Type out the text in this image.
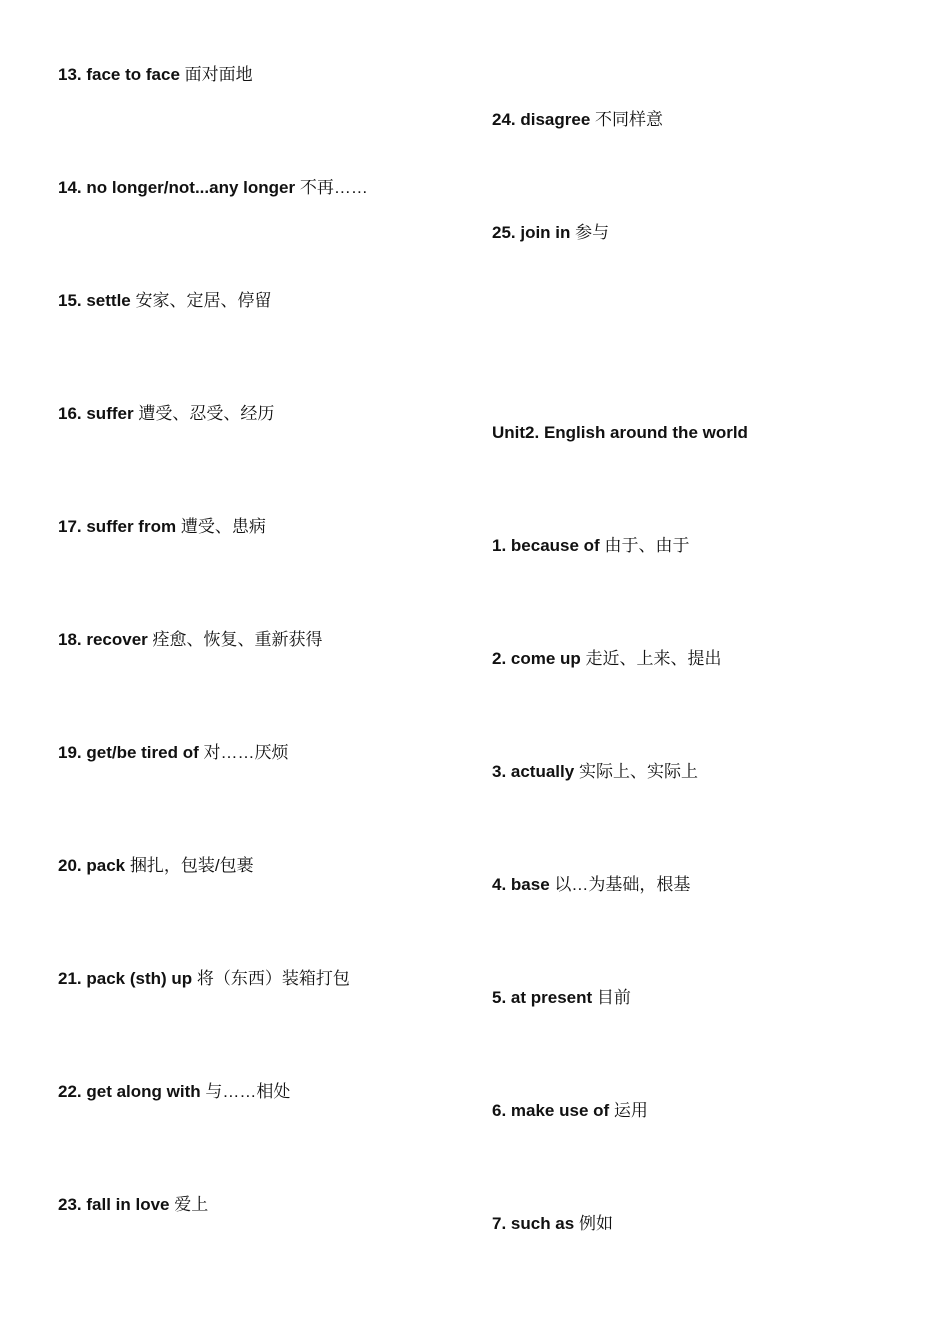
13. face to face 面对面地
14. no longer/not...any longer 不再……
15. settle 安家、定居、停留
16. suffer 遭受、忍受、经历
17. suffer from 遭受、患病
18. recover 痊愈、恢复、重新获得
19. get/be tired of 对……厌烦
20. pack 捆扎，包装/包裹
21. pack (sth) up 将（东西）装箱打包
22. get along with 与……相处
23. fall in love 爱上
24. disagree 不同样意
25. join in 参与
Unit2. English around the world
1. because of 由于、由于
2. come up 走近、上来、提出
3. actually 实际上、实际上
4. base 以…为基础，根基
5. at present 目前
6. make use of 运用
7. such as 例如
